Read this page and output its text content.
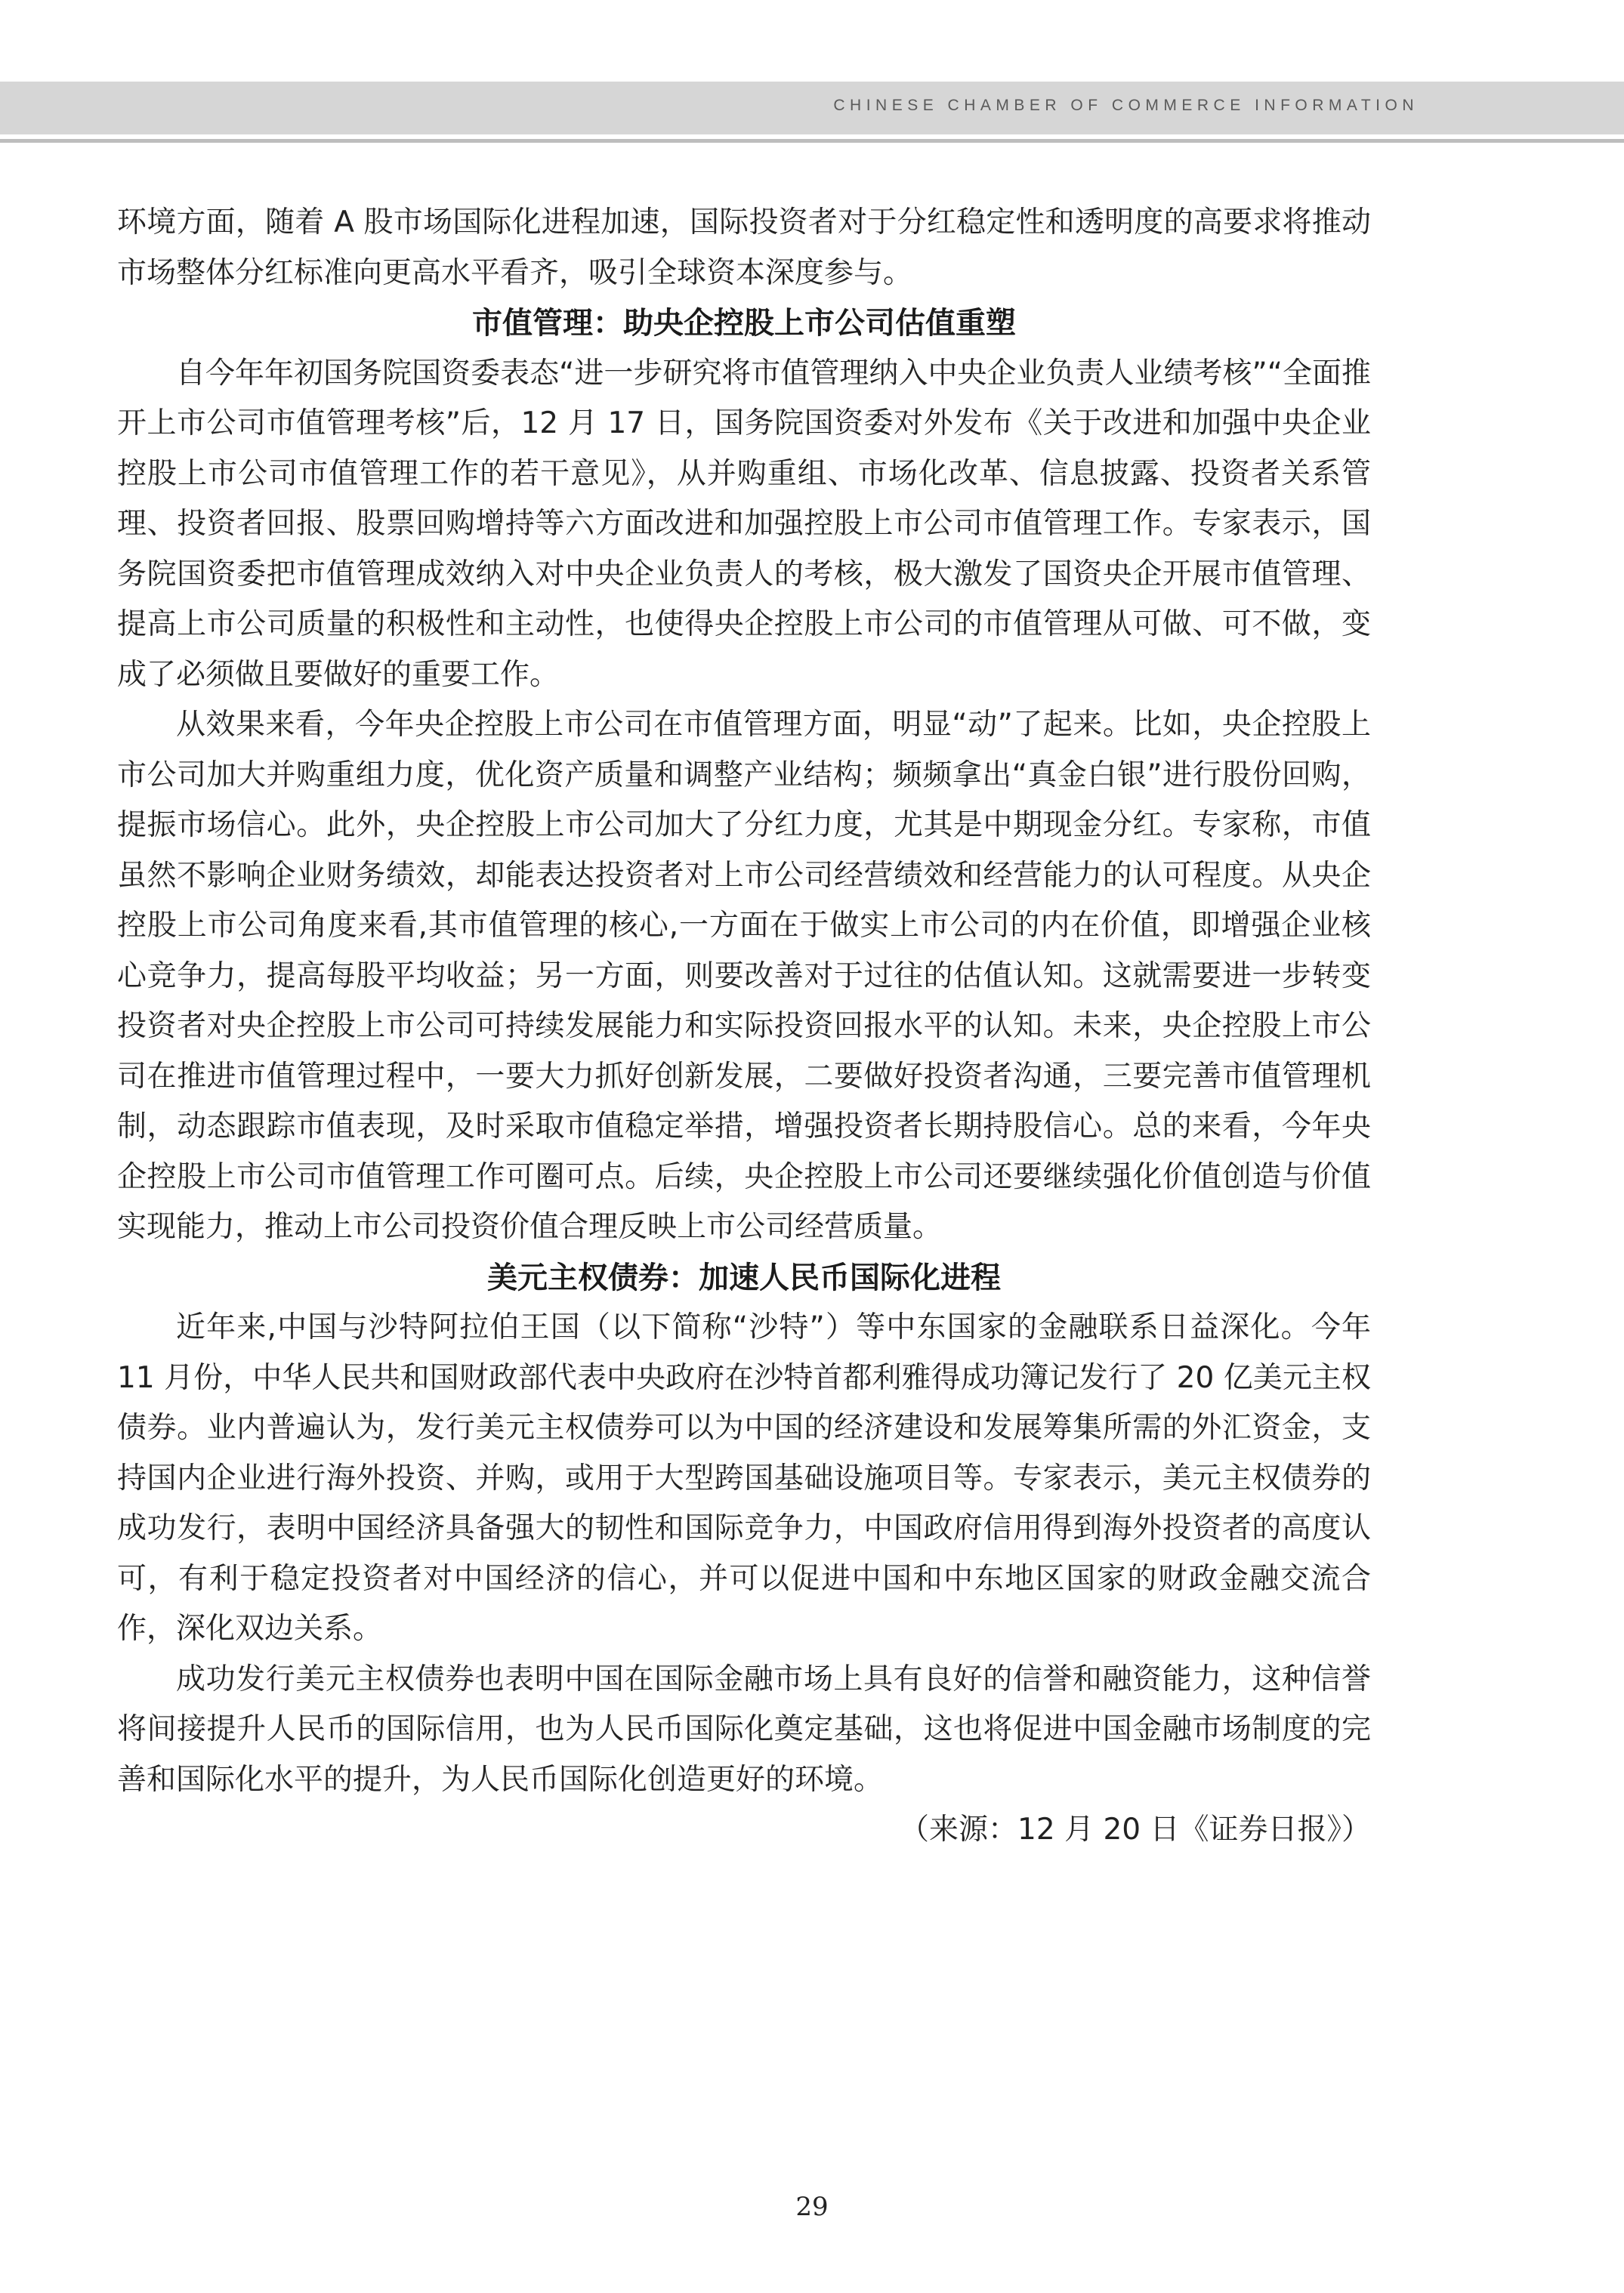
CHINESE CHAMBER OF COMMERCE INFORMATION

环境方面，随着 A 股市场国际化进程加速，国际投资者对于分红稳定性和透明度的高要求将推动市场整体分红标准向更高水平看齐，吸引全球资本深度参与。

市值管理：助央企控股上市公司估值重塑

自今年年初国务院国资委表态“进一步研究将市值管理纳入中央企业负责人业绩考核”“全面推开上市公司市值管理考核”后，12 月 17 日，国务院国资委对外发布《关于改进和加强中央企业控股上市公司市值管理工作的若干意见》，从并购重组、市场化改革、信息披露、投资者关系管理、投资者回报、股票回购增持等六方面改进和加强控股上市公司市值管理工作。专家表示，国务院国资委把市值管理成效纳入对中央企业负责人的考核，极大激发了国资央企开展市值管理、提高上市公司质量的积极性和主动性，也使得央企控股上市公司的市值管理从可做、可不做，变成了必须做且要做好的重要工作。

从效果来看，今年央企控股上市公司在市值管理方面，明显“动”了起来。比如，央企控股上市公司加大并购重组力度，优化资产质量和调整产业结构；频频拿出“真金白银”进行股份回购，提振市场信心。此外，央企控股上市公司加大了分红力度，尤其是中期现金分红。专家称，市值虽然不影响企业财务绩效，却能表达投资者对上市公司经营绩效和经营能力的认可程度。从央企控股上市公司角度来看,其市值管理的核心,一方面在于做实上市公司的内在价值，即增强企业核心竞争力，提高每股平均收益；另一方面，则要改善对于过往的估值认知。这就需要进一步转变投资者对央企控股上市公司可持续发展能力和实际投资回报水平的认知。未来，央企控股上市公司在推进市值管理过程中，一要大力抓好创新发展，二要做好投资者沟通，三要完善市值管理机制，动态跟踪市值表现，及时采取市值稳定举措，增强投资者长期持股信心。总的来看，今年央企控股上市公司市值管理工作可圈可点。后续，央企控股上市公司还要继续强化价值创造与价值实现能力，推动上市公司投资价值合理反映上市公司经营质量。

美元主权债券：加速人民币国际化进程

近年来,中国与沙特阿拉伯王国（以下简称“沙特”）等中东国家的金融联系日益深化。今年 11 月份，中华人民共和国财政部代表中央政府在沙特首都利雅得成功簿记发行了 20 亿美元主权债券。业内普遍认为，发行美元主权债券可以为中国的经济建设和发展筹集所需的外汇资金，支持国内企业进行海外投资、并购，或用于大型跨国基础设施项目等。专家表示，美元主权债券的成功发行，表明中国经济具备强大的韧性和国际竞争力，中国政府信用得到海外投资者的高度认可，有利于稳定投资者对中国经济的信心，并可以促进中国和中东地区国家的财政金融交流合作，深化双边关系。

成功发行美元主权债券也表明中国在国际金融市场上具有良好的信誉和融资能力，这种信誉将间接提升人民币的国际信用，也为人民币国际化奠定基础，这也将促进中国金融市场制度的完善和国际化水平的提升，为人民币国际化创造更好的环境。

（来源：12 月 20 日《证券日报》）

29
